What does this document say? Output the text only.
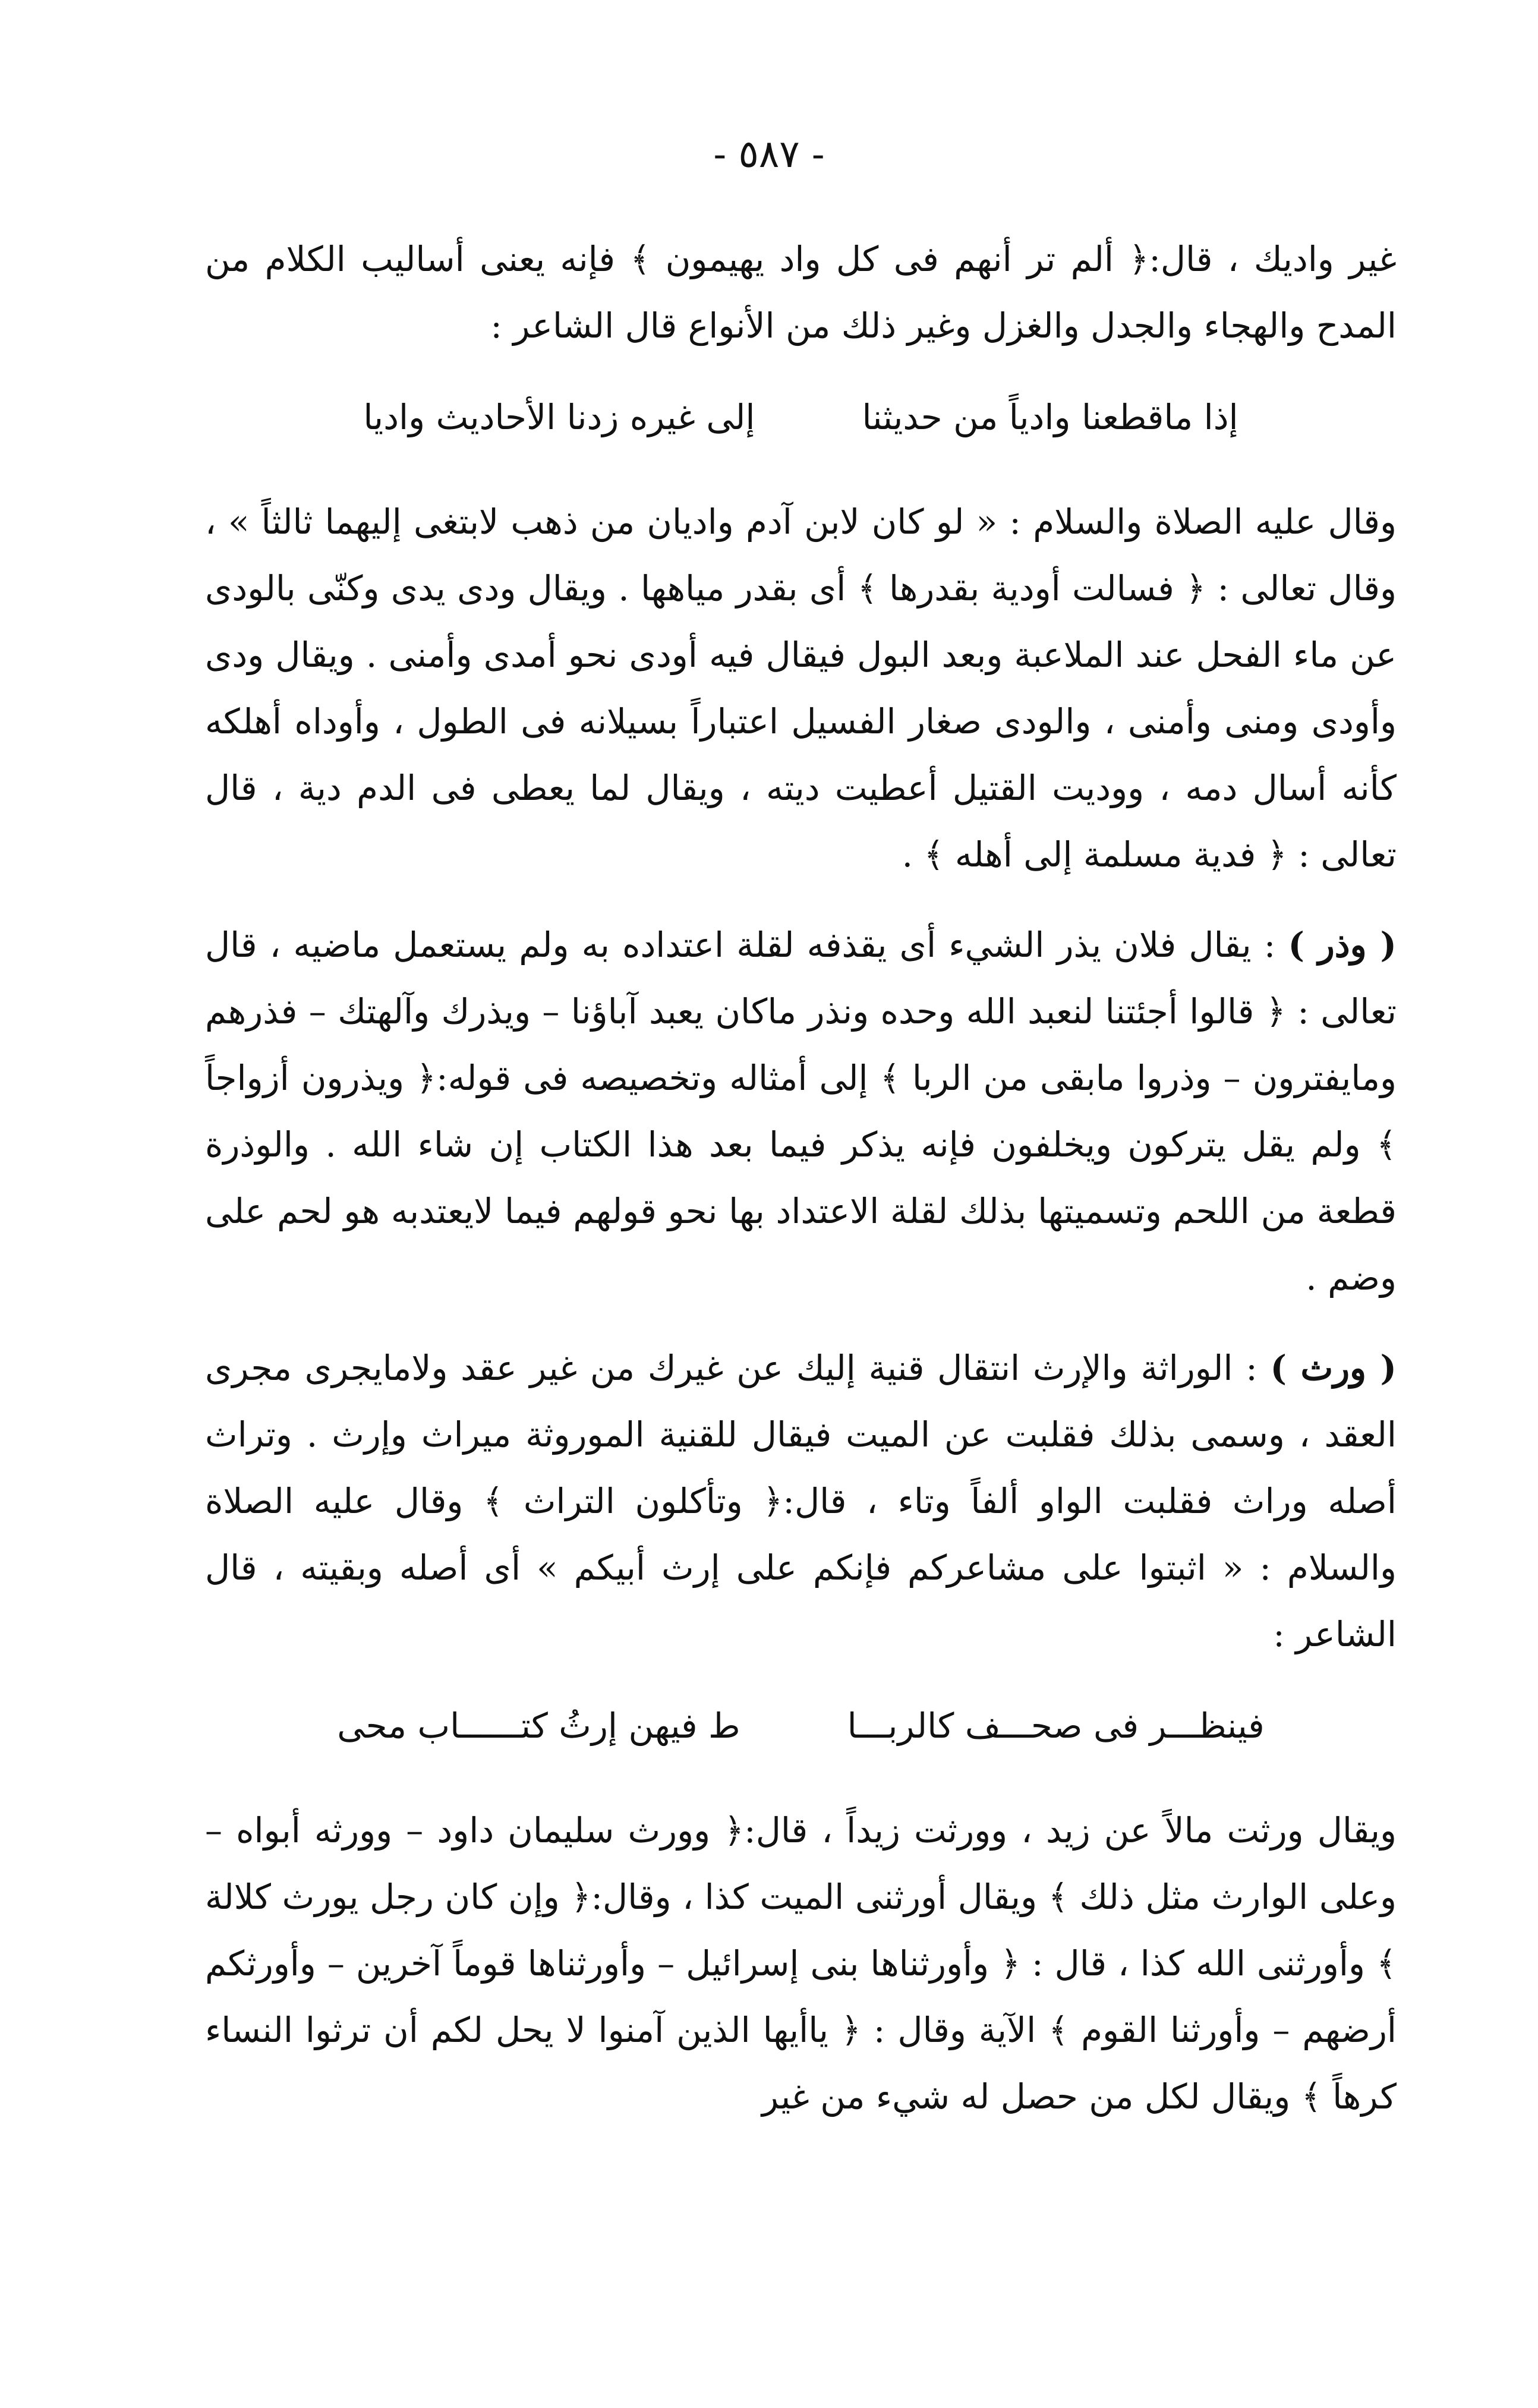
- ٥٨٧ -

غير واديك ، قال:﴿ ألم تر أنهم فى كل واد يهيمون ﴾ فإنه يعنى أساليب الكلام من المدح والهجاء والجدل والغزل وغير ذلك من الأنواع قال الشاعر :

إذا ماقطعنا وادياً من حديثنا
إلى غيره زدنا الأحاديث واديا

وقال عليه الصلاة والسلام : « لو كان لابن آدم واديان من ذهب لابتغى إليهما ثالثاً » ، وقال تعالى : ﴿ فسالت أودية بقدرها ﴾ أى بقدر مياهها . ويقال ودى يدى وكنّى بالودى عن ماء الفحل عند الملاعبة وبعد البول فيقال فيه أودى نحو أمدى وأمنى . ويقال ودى وأودى ومنى وأمنى ، والودى صغار الفسيل اعتباراً بسيلانه فى الطول ، وأوداه أهلكه كأنه أسال دمه ، ووديت القتيل أعطيت ديته ، ويقال لما يعطى فى الدم دية ، قال تعالى : ﴿ فدية مسلمة إلى أهله ﴾ .

( وذر ) : يقال فلان يذر الشيء أى يقذفه لقلة اعتداده به ولم يستعمل ماضيه ، قال تعالى : ﴿ قالوا أجئتنا لنعبد الله وحده ونذر ماكان يعبد آباؤنا – ويذرك وآلهتك – فذرهم ومايفترون – وذروا مابقى من الربا ﴾ إلى أمثاله وتخصيصه فى قوله:﴿ ويذرون أزواجاً ﴾ ولم يقل يتركون ويخلفون فإنه يذكر فيما بعد هذا الكتاب إن شاء الله . والوذرة قطعة من اللحم وتسميتها بذلك لقلة الاعتداد بها نحو قولهم فيما لايعتدبه هو لحم على وضم .

( ورث ) : الوراثة والإرث انتقال قنية إليك عن غيرك من غير عقد ولامايجرى مجرى العقد ، وسمى بذلك فقلبت عن الميت فيقال للقنية الموروثة ميراث وإرث . وتراث أصله وراث فقلبت الواو ألفاً وتاء ، قال:﴿ وتأكلون التراث ﴾ وقال عليه الصلاة والسلام : « اثبتوا على مشاعركم فإنكم على إرث أبيكم » أى أصله وبقيته ، قال الشاعر :

فينظـــر فى صحـــف كالربـــا
ط فيهن إرثُ كتــــــاب محى

ويقال ورثت مالاً عن زيد ، وورثت زيداً ، قال:﴿ وورث سليمان داود – وورثه أبواه – وعلى الوارث مثل ذلك ﴾ ويقال أورثنى الميت كذا ، وقال:﴿ وإن كان رجل يورث كلالة ﴾ وأورثنى الله كذا ، قال : ﴿ وأورثناها بنى إسرائيل – وأورثناها قوماً آخرين – وأورثكم أرضهم – وأورثنا القوم ﴾ الآية وقال : ﴿ ياأيها الذين آمنوا لا يحل لكم أن ترثوا النساء كرهاً ﴾ ويقال لكل من حصل له شيء من غير
